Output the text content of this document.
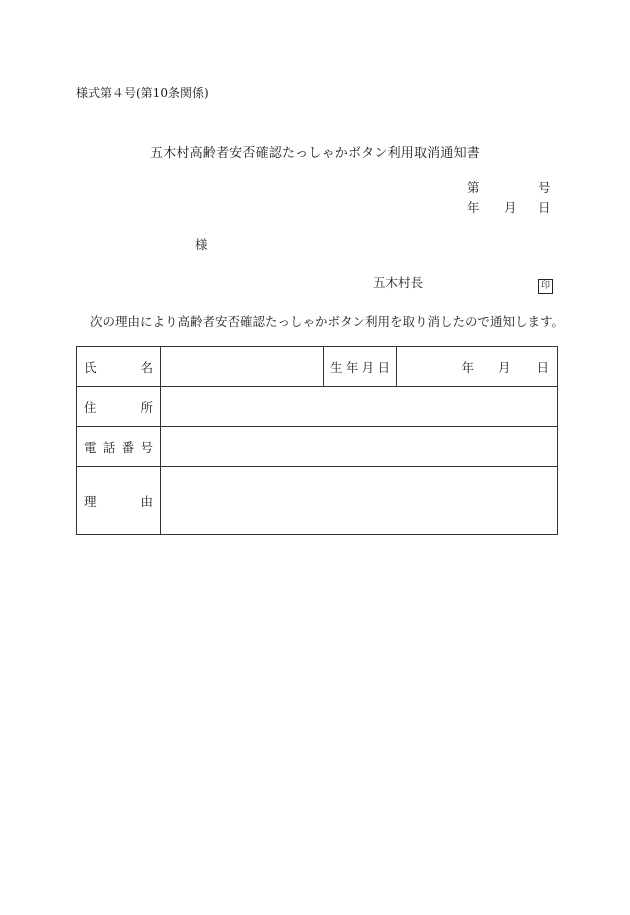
様式第４号(第10条関係)
五木村高齢者安否確認たっしゃかボタン利用取消通知書
第	号
年 月 日
様
五木村長	印
次の理由により高齢者安否確認たっしゃかボタン利用を取り消したので通知します。
氏 名		生 年 月 日	年 月 日

住 所			

電 話 番 号			

理 由			
